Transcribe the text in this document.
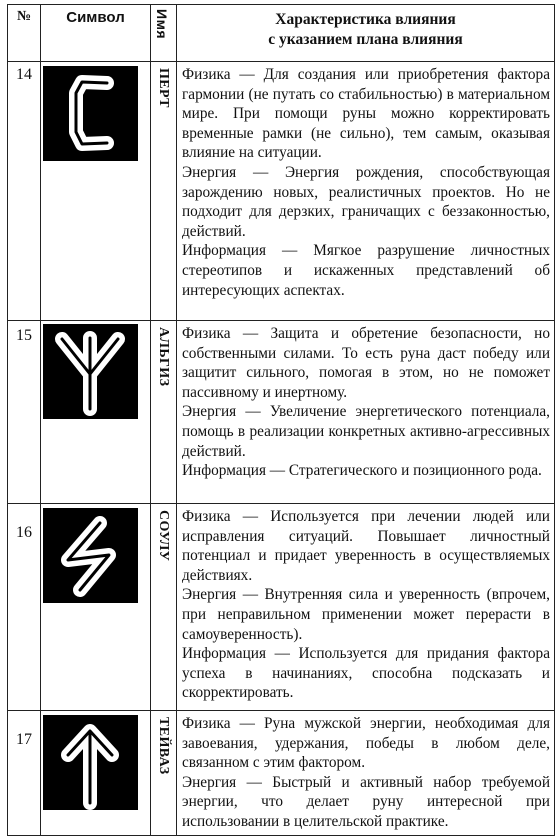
№	Символ	Имя	Характеристика влияния
с указанием плана влияния

14		ПЕРТ	Физика — Для создания или приобретения фактора гармонии (не путать со стабильностью) в материальном мире. При помощи руны можно корректировать временные рамки (не сильно), тем самым, оказывая влияние на ситуации.

Энергия — Энергия рождения, способствующая зарождению новых, реалистичных проектов. Но не подходит для дерзких, граничащих с беззаконностью, действий.

Информация — Мягкое разрушение личностных стереотипов и искаженных представлений об интересующих аспектах.

15		АЛЬГИЗ	Физика — Защита и обретение безопасности, но собственными силами. То есть руна даст победу или защитит сильного, помогая в этом, но не поможет пассивному и инертному.

Энергия — Увеличение энергетического потенциала, помощь в реализации конкретных активно-агрессивных действий.

Информация — Стратегического и позиционного рода.

16		СОУЛУ	Физика — Используется при лечении людей или исправления ситуаций. Повышает личностный потенциал и придает уверенность в осуществляемых действиях.

Энергия — Внутренняя сила и уверенность (впрочем, при неправильном применении может перерасти в самоуверенность).

Информация — Используется для придания фактора успеха в начинаниях, способна подсказать и скорректировать.

17		ТЕЙВАЗ	Физика — Руна мужской энергии, необходимая для завоевания, удержания, победы в любом деле, связанном с этим фактором.

Энергия — Быстрый и активный набор требуемой энергии, что делает руну интересной при использовании в целительской практике.
